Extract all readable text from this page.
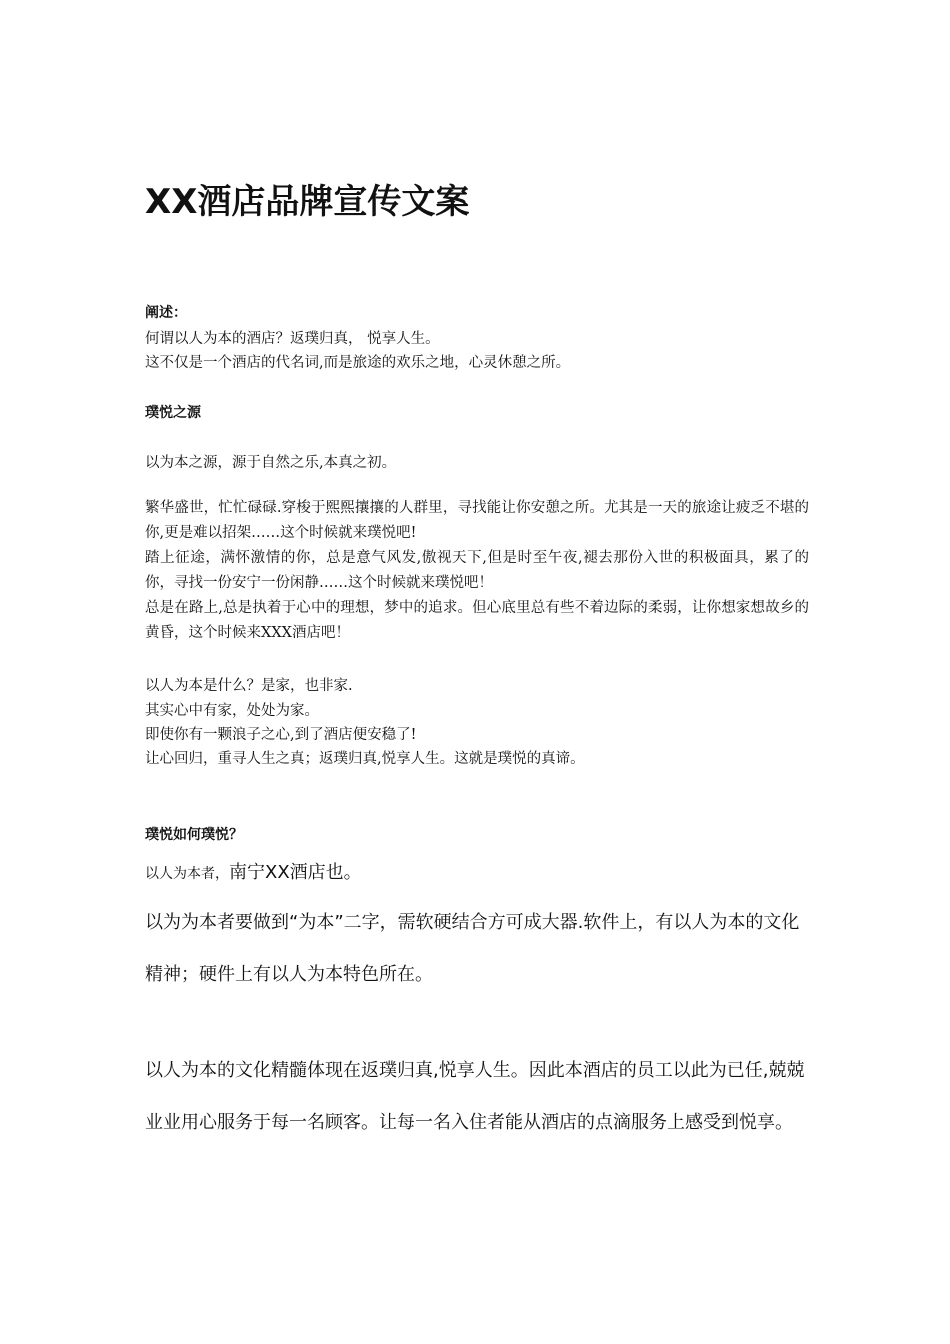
XX酒店品牌宣传文案
阐述：
何谓以人为本的酒店？返璞归真， 悦享人生。
这不仅是一个酒店的代名词,而是旅途的欢乐之地，心灵休憩之所。
璞悦之源
以为本之源，源于自然之乐,本真之初。

繁华盛世，忙忙碌碌.穿梭于熙熙攘攘的人群里，寻找能让你安憩之所。尤其是一天的旅途让疲乏不堪的你,更是难以招架……这个时候就来璞悦吧!

踏上征途，满怀激情的你，总是意气风发,傲视天下,但是时至午夜,褪去那份入世的积极面具，累了的你，寻找一份安宁一份闲静……这个时候就来璞悦吧！

总是在路上,总是执着于心中的理想，梦中的追求。但心底里总有些不着边际的柔弱，让你想家想故乡的黄昏，这个时候来XXX酒店吧！

以人为本是什么？是家，也非家.
其实心中有家，处处为家。
即使你有一颗浪子之心,到了酒店便安稳了!
让心回归，重寻人生之真；返璞归真,悦享人生。这就是璞悦的真谛。
璞悦如何璞悦？
以人为本者，南宁XX酒店也。

以为为本者要做到“为本”二字，需软硬结合方可成大器.软件上，有以人为本的文化精神；硬件上有以人为本特色所在。

以人为本的文化精髓体现在返璞归真,悦享人生。因此本酒店的员工以此为已任,兢兢业业用心服务于每一名顾客。让每一名入住者能从酒店的点滴服务上感受到悦享。
